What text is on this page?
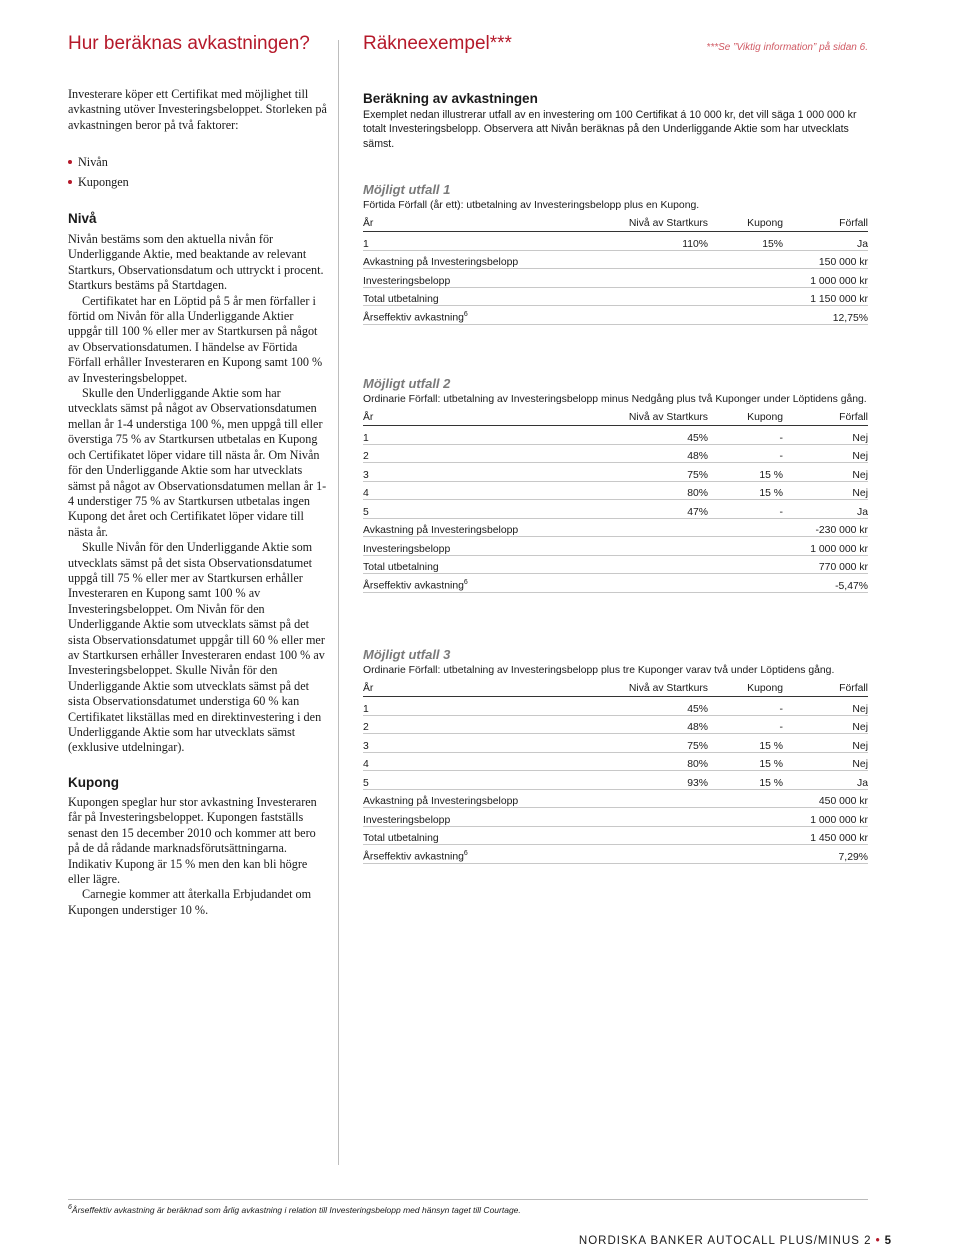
Hur beräknas avkastningen?

Investerare köper ett Certifikat med möjlighet till avkastning utöver Investeringsbeloppet. Storleken på avkastningen beror på två faktorer:

Nivån
Kupongen
Nivå

Nivån bestäms som den aktuella nivån för Underliggande Aktie, med beaktande av relevant Startkurs, Observationsdatum och uttryckt i procent. Startkurs bestäms på Startdagen.

Certifikatet har en Löptid på 5 år men förfaller i förtid om Nivån för alla Underliggande Aktier uppgår till 100 % eller mer av Startkursen på något av Observationsdatumen. I händelse av Förtida Förfall erhåller Investeraren en Kupong samt 100 % av Investeringsbeloppet.

Skulle den Underliggande Aktie som har utvecklats sämst på något av Observationsdatumen mellan år 1-4 understiga 100 %, men uppgå till eller överstiga 75 % av Startkursen utbetalas en Kupong och Certifikatet löper vidare till nästa år. Om Nivån för den Underliggande Aktie som har utvecklats sämst på något av Observationsdatumen mellan år 1-4 understiger 75 % av Startkursen utbetalas ingen Kupong det året och Certifikatet löper vidare till nästa år.

Skulle Nivån för den Underliggande Aktie som utvecklats sämst på det sista Observationsdatumet uppgå till 75 % eller mer av Startkursen erhåller Investeraren en Kupong samt 100 % av Investeringsbeloppet. Om Nivån för den Underliggande Aktie som utvecklats sämst på det sista Observationsdatumet uppgår till 60 % eller mer av Startkursen erhåller Investeraren endast 100 % av Investeringsbeloppet. Skulle Nivån för den Underliggande Aktie som utvecklats sämst på det sista Observationsdatumet understiga 60 % kan Certifikatet likställas med en direktinvestering i den Underliggande Aktie som har utvecklats sämst (exklusive utdelningar).

Kupong

Kupongen speglar hur stor avkastning Investeraren får på Investeringsbeloppet. Kupongen fastställs senast den 15 december 2010 och kommer att bero på de då rådande marknadsförutsättningarna. Indikativ Kupong är 15 % men den kan bli högre eller lägre.

Carnegie kommer att återkalla Erbjudandet om Kupongen understiger 10 %.

Räkneexempel***	***Se ”Viktig information” på sidan 6.
Beräkning av avkastningen
Exemplet nedan illustrerar utfall av en investering om 100 Certifikat á 10 000 kr, det vill säga 1 000 000 kr totalt Investeringsbelopp. Observera att Nivån beräknas på den Underliggande Aktie som har utvecklats sämst.
Möjligt utfall 1
Förtida Förfall (år ett): utbetalning av Investeringsbelopp plus en Kupong.
År	Nivå av Startkurs	Kupong	Förfall
1	110%	15%	Ja
Avkastning på Investeringsbelopp		150 000 kr	
Investeringsbelopp		1 000 000 kr	
Total utbetalning		1 150 000 kr	
Årseffektiv avkastning$^6$		12,75%	
Möjligt utfall 2
Ordinarie Förfall: utbetalning av Investeringsbelopp minus Nedgång plus två Kuponger under Löptidens gång.
År	Nivå av Startkurs	Kupong	Förfall
1	45%	-	Nej
2	48%	-	Nej
3	75%	15 %	Nej
4	80%	15 %	Nej
5	47%	-	Ja
Avkastning på Investeringsbelopp		-230 000 kr	
Investeringsbelopp		1 000 000 kr	
Total utbetalning		770 000 kr	
Årseffektiv avkastning$^6$		-5,47%	
Möjligt utfall 3
Ordinarie Förfall: utbetalning av Investeringsbelopp plus tre Kuponger varav två under Löptidens gång.
År	Nivå av Startkurs	Kupong	Förfall
1	45%	-	Nej
2	48%	-	Nej
3	75%	15 %	Nej
4	80%	15 %	Nej
5	93%	15 %	Ja
Avkastning på Investeringsbelopp		450 000 kr	
Investeringsbelopp		1 000 000 kr	
Total utbetalning		1 450 000 kr	
Årseffektiv avkastning$^6$		7,29%	
$^6$Årseffektiv avkastning är beräknad som årlig avkastning i relation till Investeringsbelopp med hänsyn taget till Courtage.
NORDISKA BANKER AUTOCALL PLUS/MINUS 2 • 5
